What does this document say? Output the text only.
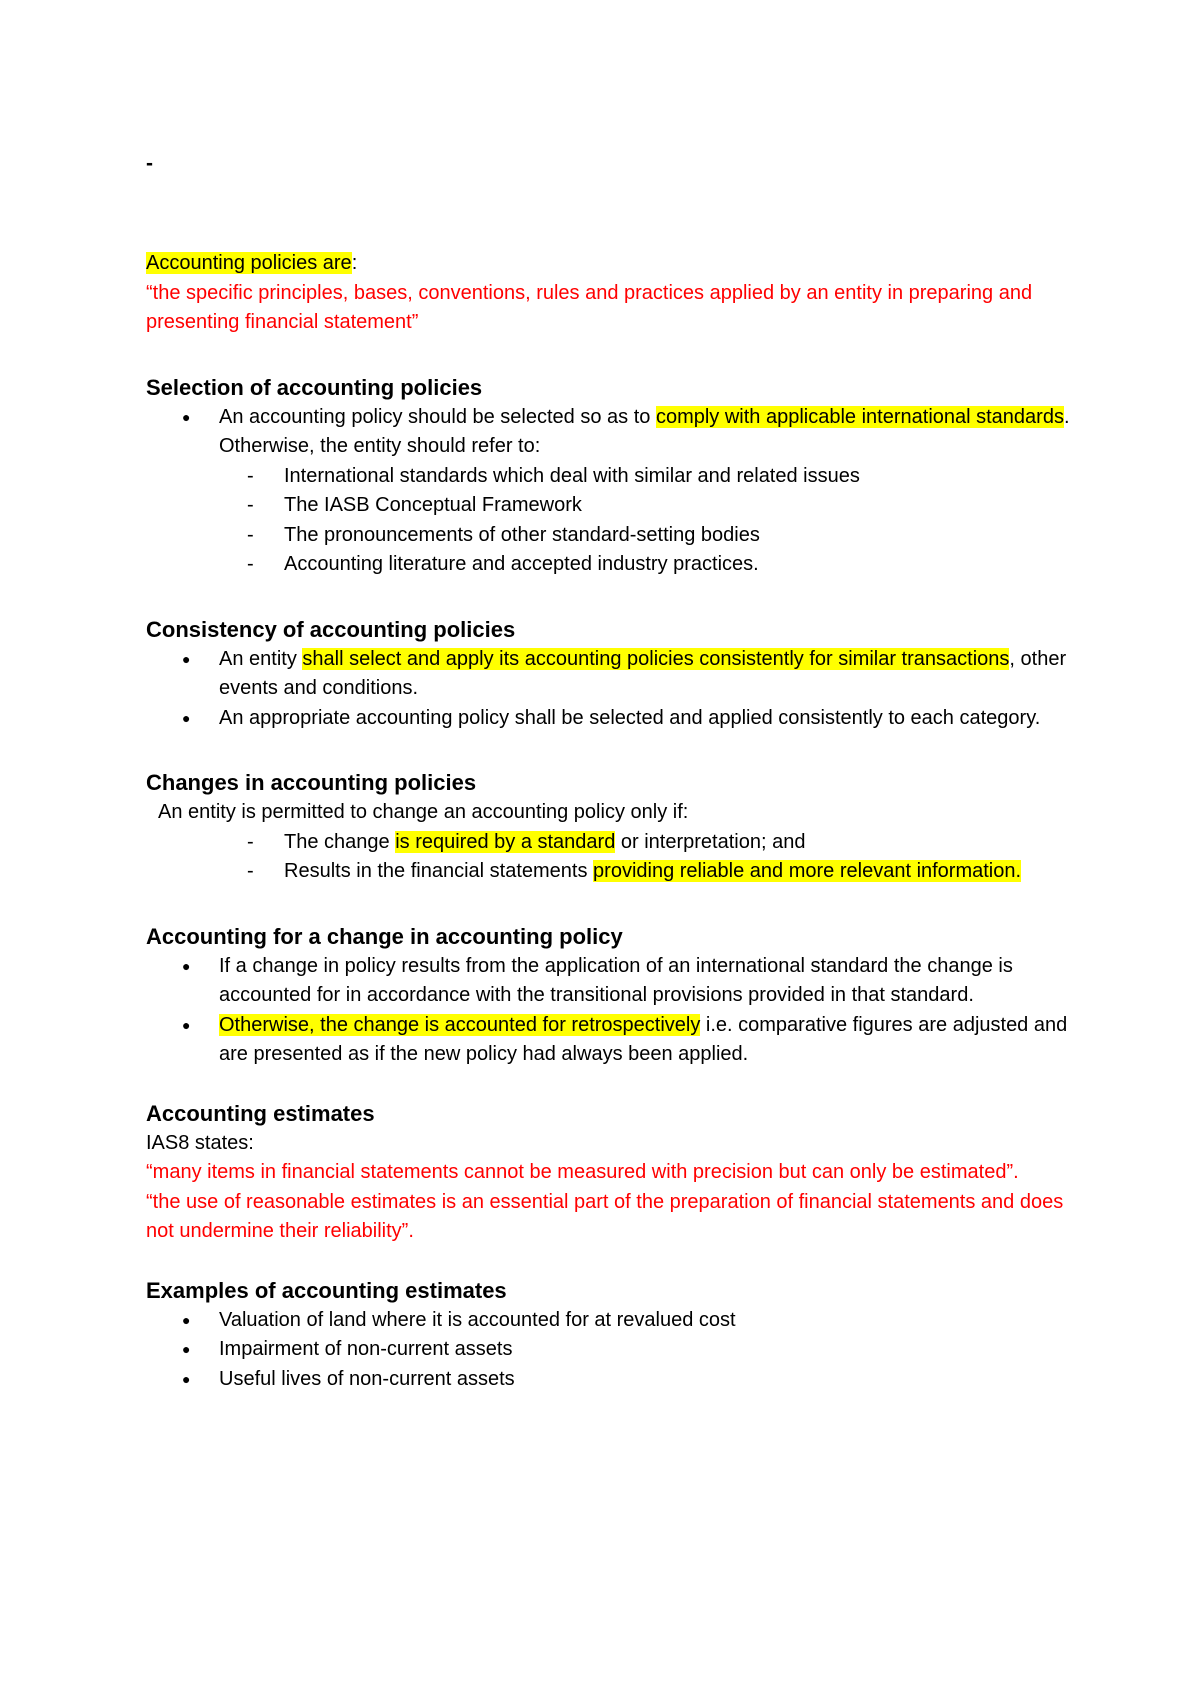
-

Accounting policies are:

“the specific principles, bases, conventions, rules and practices applied by an entity in preparing and presenting financial statement”

Selection of accounting policies
● An accounting policy should be selected so as to comply with applicable international standards. Otherwise, the entity should refer to:
- International standards which deal with similar and related issues
- The IASB Conceptual Framework
- The pronouncements of other standard-setting bodies
- Accounting literature and accepted industry practices.
Consistency of accounting policies
● An entity shall select and apply its accounting policies consistently for similar transactions, other events and conditions.
● An appropriate accounting policy shall be selected and applied consistently to each category.
Changes in accounting policies

An entity is permitted to change an accounting policy only if:

- The change is required by a standard or interpretation; and
- Results in the financial statements providing reliable and more relevant information.
Accounting for a change in accounting policy
● If a change in policy results from the application of an international standard the change is accounted for in accordance with the transitional provisions provided in that standard.
● Otherwise, the change is accounted for retrospectively i.e. comparative figures are adjusted and are presented as if the new policy had always been applied.
Accounting estimates

IAS8 states:

“many items in financial statements cannot be measured with precision but can only be estimated”.

“the use of reasonable estimates is an essential part of the preparation of financial statements and does not undermine their reliability”.

Examples of accounting estimates
● Valuation of land where it is accounted for at revalued cost
● Impairment of non-current assets
● Useful lives of non-current assets
